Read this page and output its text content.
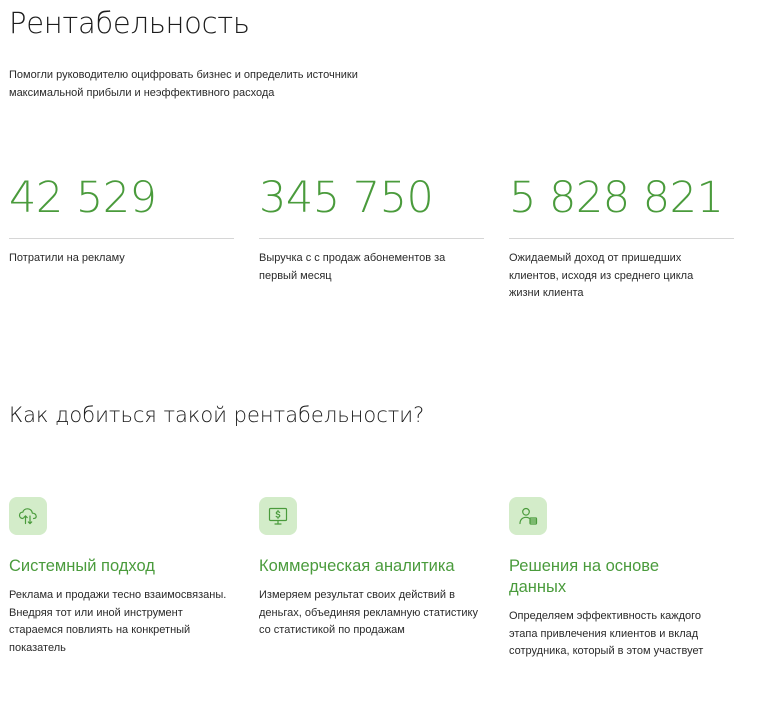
Рентабельность

Помогли руководителю оцифровать бизнес и определить источники максимальной прибыли и неэффективного расхода

42 529
Потратили на рекламу
345 750
Выручка с с продаж абонементов за первый месяц
5 828 821
Ожидаемый доход от пришедших клиентов, исходя из среднего цикла жизни клиента
Как добиться такой рентабельности?
Системный подход
Реклама и продажи тесно взаимосвязаны. Внедряя тот или иной инструмент стараемся повлиять на конкретный показатель
Коммерческая аналитика
Измеряем результат своих действий в деньгах, объединяя рекламную статистику со статистикой по продажам
Решения на основе данных
Определяем эффективность каждого этапа привлечения клиентов и вклад сотрудника, который в этом участвует
